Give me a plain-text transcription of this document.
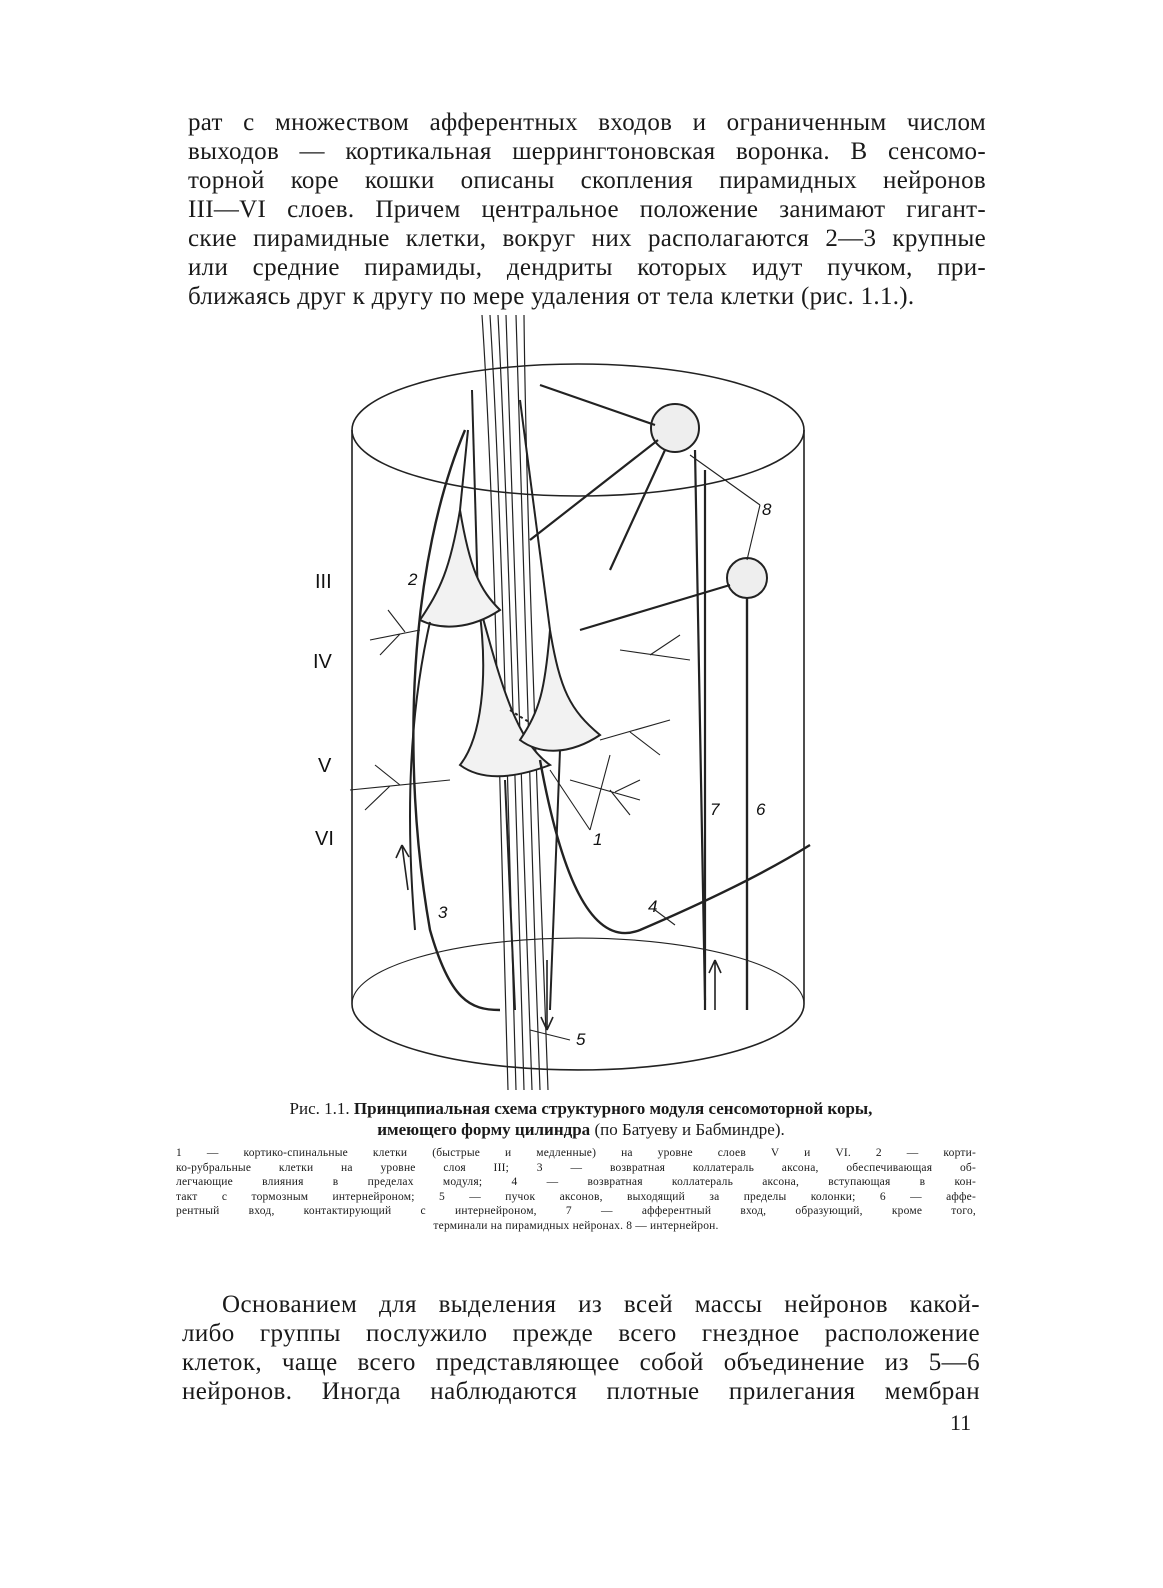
рат с множеством афферентных входов и ограниченным числом
выходов — кортикальная шеррингтоновская воронка. В сенсомо-
торной коре кошки описаны скопления пирамидных нейронов
III—VI слоев. Причем центральное положение занимают гигант-
ские пирамидные клетки, вокруг них располагаются 2—3 крупные
или средние пирамиды, дендриты которых идут пучком, при-
ближаясь друг к другу по мере удаления от тела клетки (рис. 1.1.).
III
IV
V
VI	1
2
3	4
5
6
7
8
Рис. 1.1. Принципиальная схема структурного модуля сенсомоторной коры,
имеющего форму цилиндра (по Батуеву и Бабминдре).
1 — кортико-спинальные клетки (быстрые и медленные) на уровне слоев V и VI. 2 — корти-
ко-рубральные клетки на уровне слоя III; 3 — возвратная коллатераль аксона, обеспечивающая об-
легчающие влияния в пределах модуля; 4 — возвратная коллатераль аксона, вступающая в кон-
такт с тормозным интернейроном; 5 — пучок аксонов, выходящий за пределы колонки; 6 — аффе-
рентный вход, контактирующий с интернейроном, 7 — афферентный вход, образующий, кроме того,
терминали на пирамидных нейронах. 8 — интернейрон.
Основанием для выделения из всей массы нейронов какой-
либо группы послужило прежде всего гнездное расположение
клеток, чаще всего представляющее собой объединение из 5—6
нейронов. Иногда наблюдаются плотные прилегания мембран
11
